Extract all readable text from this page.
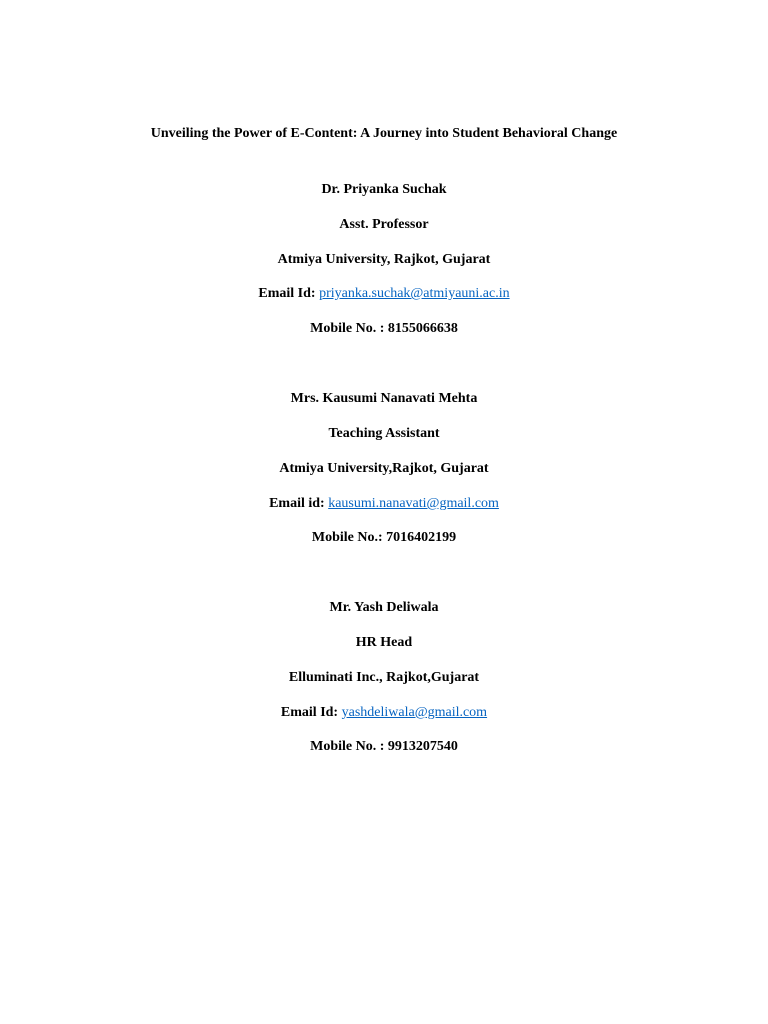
Unveiling the Power of E-Content: A Journey into Student Behavioral Change
Dr. Priyanka Suchak
Asst. Professor
Atmiya University, Rajkot, Gujarat
Email Id: priyanka.suchak@atmiyauni.ac.in
Mobile No. : 8155066638
Mrs. Kausumi Nanavati Mehta
Teaching Assistant
Atmiya University,Rajkot, Gujarat
Email id: kausumi.nanavati@gmail.com
Mobile No.: 7016402199
Mr. Yash Deliwala
HR Head
Elluminati Inc., Rajkot,Gujarat
Email Id: yashdeliwala@gmail.com
Mobile No. : 9913207540
